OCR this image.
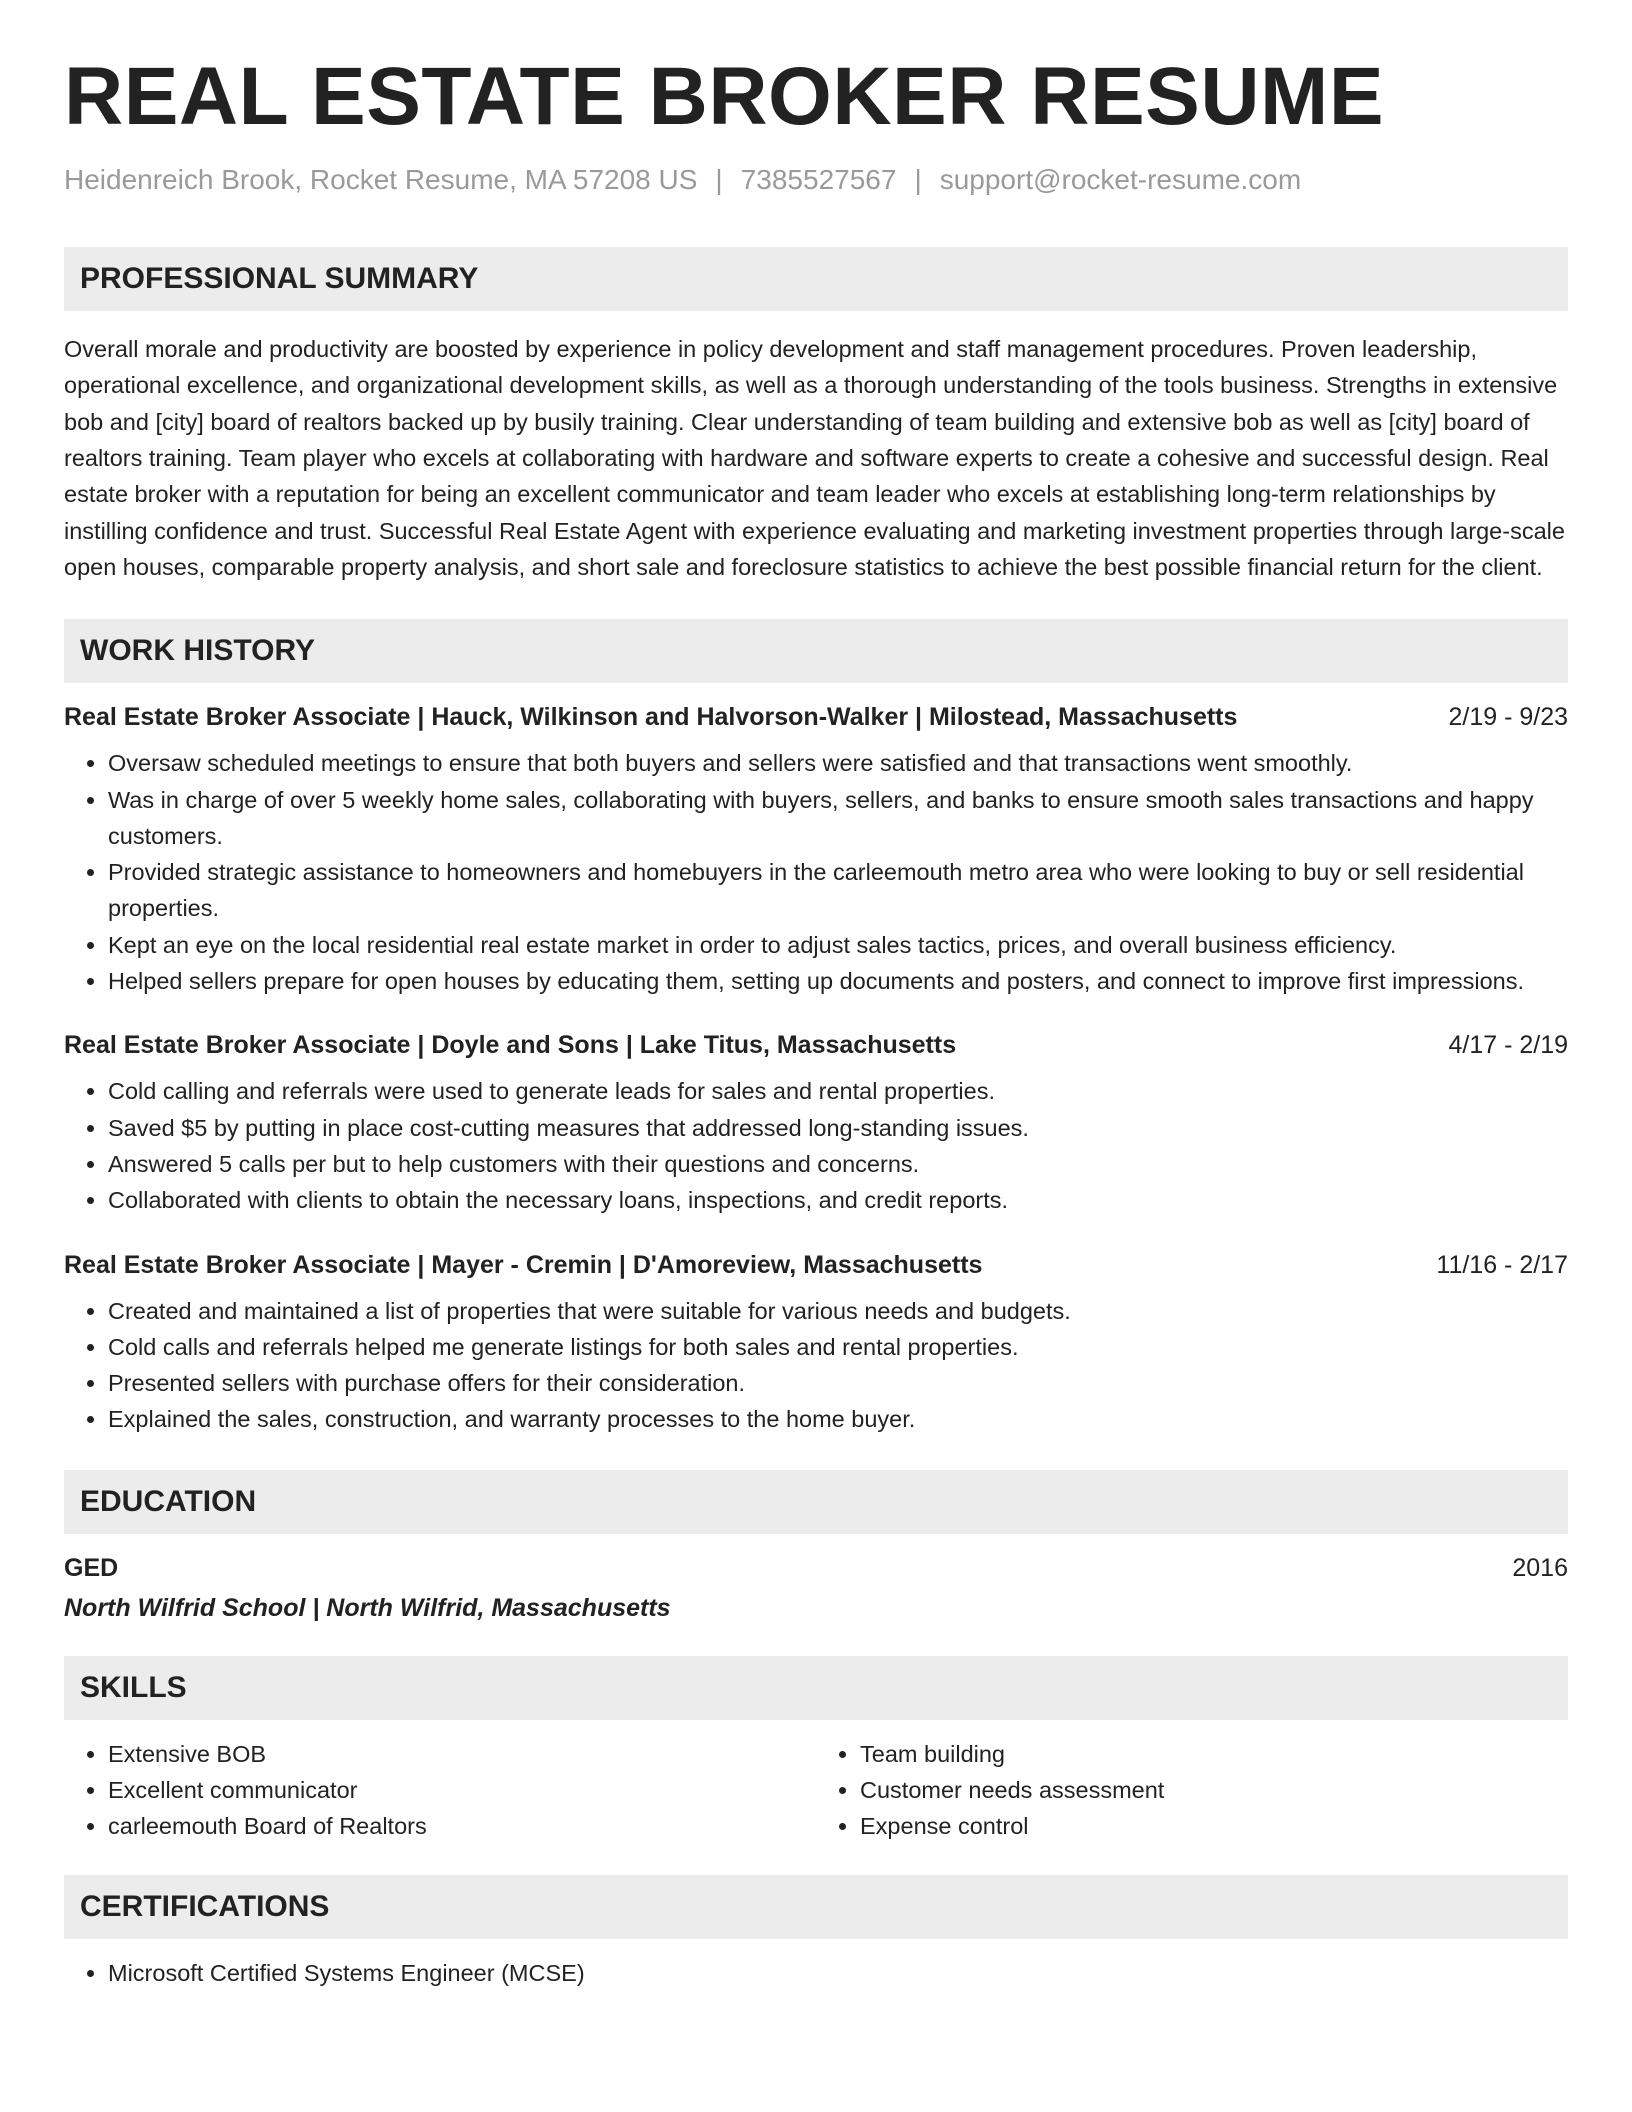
REAL ESTATE BROKER RESUME
Heidenreich Brook, Rocket Resume, MA 57208 US | 7385527567 | support@rocket-resume.com
PROFESSIONAL SUMMARY
Overall morale and productivity are boosted by experience in policy development and staff management procedures. Proven leadership, operational excellence, and organizational development skills, as well as a thorough understanding of the tools business. Strengths in extensive bob and [city] board of realtors backed up by busily training. Clear understanding of team building and extensive bob as well as [city] board of realtors training. Team player who excels at collaborating with hardware and software experts to create a cohesive and successful design. Real estate broker with a reputation for being an excellent communicator and team leader who excels at establishing long-term relationships by instilling confidence and trust. Successful Real Estate Agent with experience evaluating and marketing investment properties through large-scale open houses, comparable property analysis, and short sale and foreclosure statistics to achieve the best possible financial return for the client.
WORK HISTORY
Real Estate Broker Associate | Hauck, Wilkinson and Halvorson-Walker | Milostead, Massachusetts	2/19 - 9/23
• Oversaw scheduled meetings to ensure that both buyers and sellers were satisfied and that transactions went smoothly.
• Was in charge of over 5 weekly home sales, collaborating with buyers, sellers, and banks to ensure smooth sales transactions and happy customers.
• Provided strategic assistance to homeowners and homebuyers in the carleemouth metro area who were looking to buy or sell residential properties.
• Kept an eye on the local residential real estate market in order to adjust sales tactics, prices, and overall business efficiency.
• Helped sellers prepare for open houses by educating them, setting up documents and posters, and connect to improve first impressions.
Real Estate Broker Associate | Doyle and Sons | Lake Titus, Massachusetts	4/17 - 2/19
• Cold calling and referrals were used to generate leads for sales and rental properties.
• Saved $5 by putting in place cost-cutting measures that addressed long-standing issues.
• Answered 5 calls per but to help customers with their questions and concerns.
• Collaborated with clients to obtain the necessary loans, inspections, and credit reports.
Real Estate Broker Associate | Mayer - Cremin | D'Amoreview, Massachusetts	11/16 - 2/17
• Created and maintained a list of properties that were suitable for various needs and budgets.
• Cold calls and referrals helped me generate listings for both sales and rental properties.
• Presented sellers with purchase offers for their consideration.
• Explained the sales, construction, and warranty processes to the home buyer.
EDUCATION
GED	2016
North Wilfrid School | North Wilfrid, Massachusetts
SKILLS
• Extensive BOB
• Excellent communicator
• carleemouth Board of Realtors
• Team building
• Customer needs assessment
• Expense control
CERTIFICATIONS
• Microsoft Certified Systems Engineer (MCSE)
